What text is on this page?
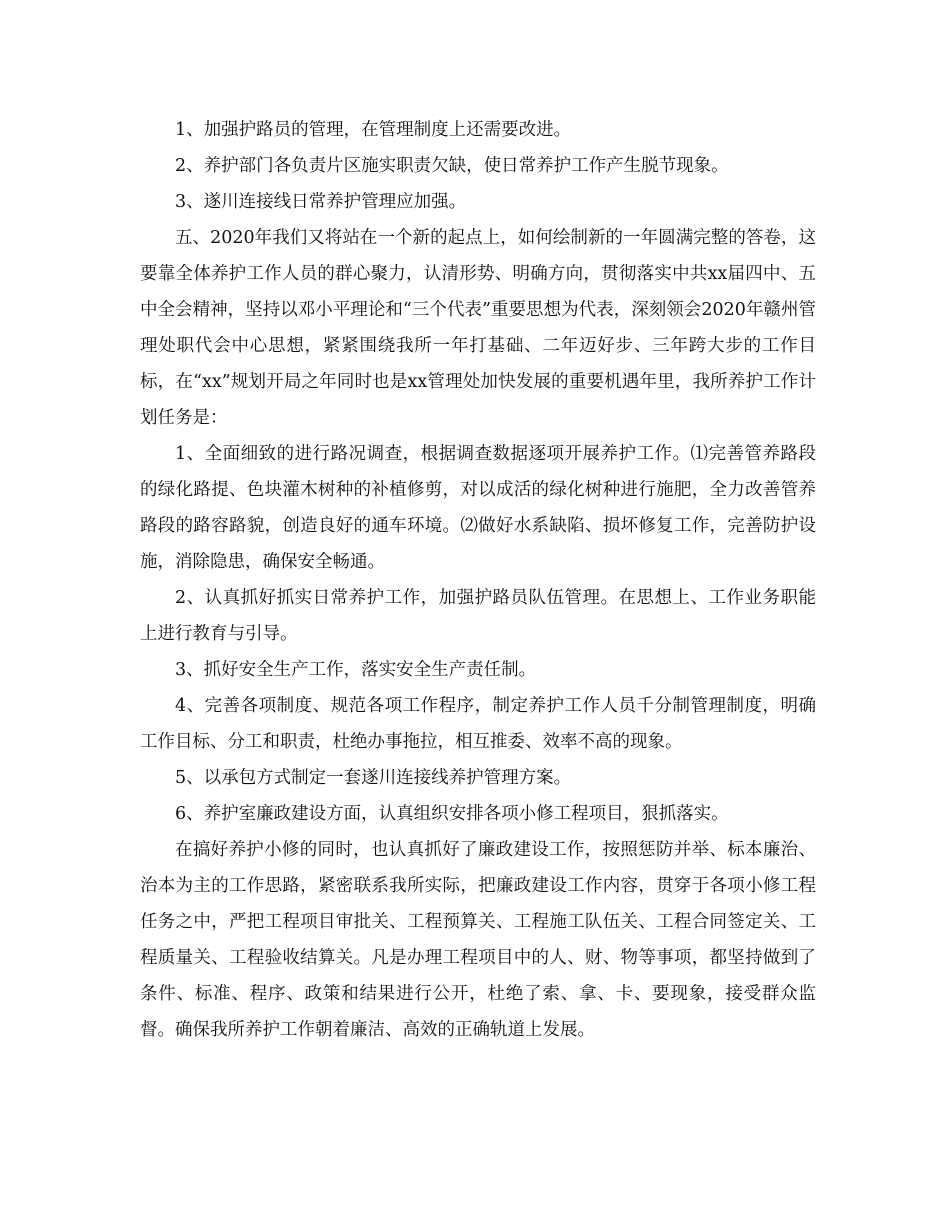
1、加强护路员的管理，在管理制度上还需要改进。

2、养护部门各负责片区施实职责欠缺，使日常养护工作产生脱节现象。

3、遂川连接线日常养护管理应加强。

五、2020年我们又将站在一个新的起点上，如何绘制新的一年圆满完整的答卷，这要靠全体养护工作人员的群心聚力，认清形势、明确方向，贯彻落实中共xx届四中、五中全会精神，坚持以邓小平理论和“三个代表”重要思想为代表，深刻领会2020年赣州管理处职代会中心思想，紧紧围绕我所一年打基础、二年迈好步、三年跨大步的工作目标，在“xx”规划开局之年同时也是xx管理处加快发展的重要机遇年里，我所养护工作计划任务是：

1、全面细致的进行路况调查，根据调查数据逐项开展养护工作。⑴完善管养路段的绿化路提、色块灌木树种的补植修剪，对以成活的绿化树种进行施肥，全力改善管养路段的路容路貌，创造良好的通车环境。⑵做好水系缺陷、损坏修复工作，完善防护设施，消除隐患，确保安全畅通。

2、认真抓好抓实日常养护工作，加强护路员队伍管理。在思想上、工作业务职能上进行教育与引导。

3、抓好安全生产工作，落实安全生产责任制。

4、完善各项制度、规范各项工作程序，制定养护工作人员千分制管理制度，明确工作目标、分工和职责，杜绝办事拖拉，相互推委、效率不高的现象。

5、以承包方式制定一套遂川连接线养护管理方案。

6、养护室廉政建设方面，认真组织安排各项小修工程项目，狠抓落实。

在搞好养护小修的同时，也认真抓好了廉政建设工作，按照惩防并举、标本廉治、治本为主的工作思路，紧密联系我所实际，把廉政建设工作内容，贯穿于各项小修工程任务之中，严把工程项目审批关、工程预算关、工程施工队伍关、工程合同签定关、工程质量关、工程验收结算关。凡是办理工程项目中的人、财、物等事项，都坚持做到了条件、标准、程序、政策和结果进行公开，杜绝了索、拿、卡、要现象，接受群众监督。确保我所养护工作朝着廉洁、高效的正确轨道上发展。
